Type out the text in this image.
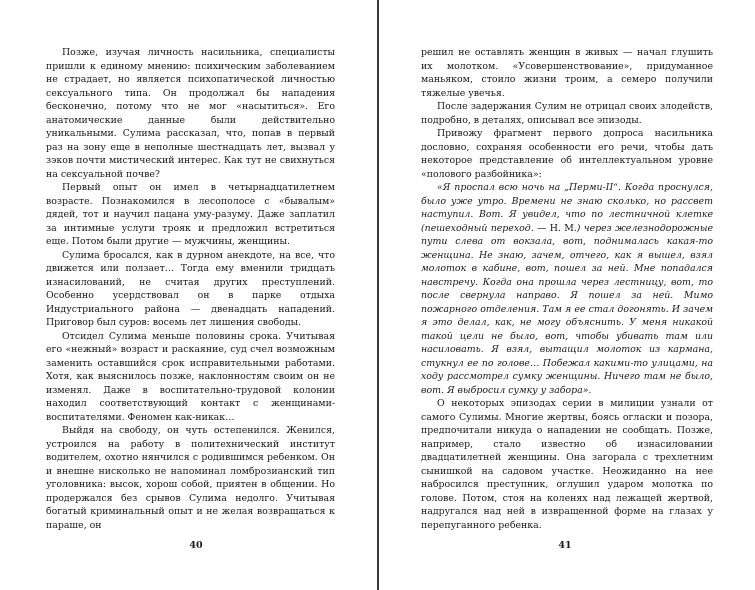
Позже, изучая личность насильника, специалисты пришли к единому мнению: психическим заболеванием не страдает, но является психопатической личностью сексуального типа. Он продолжал бы нападения бесконечно, потому что не мог «насытиться». Его анатомические данные были действительно уникальными. Сулима рассказал, что, попав в первый раз на зону еще в неполные шестнадцать лет, вызвал у зэков почти мистический интерес. Как тут не свихнуться на сексуальной почве?

Первый опыт он имел в четырнадцатилетнем возрасте. Познакомился в лесополосе с «бывалым» дядей, тот и научил пацана уму-разуму. Даже заплатил за интимные услуги трояк и предложил встретиться еще. Потом были другие — мужчины, женщины.

Сулима бросался, как в дурном анекдоте, на все, что движется или ползает… Тогда ему вменили тридцать изнасилований, не считая других преступлений. Особенно усердствовал он в парке отдыха Индустриального района — двенадцать нападений. Приговор был суров: восемь лет лишения свободы.

Отсидел Сулима меньше половины срока. Учитывая его «нежный» возраст и раскаяние, суд счел возможным заменить оставшийся срок исправительными работами. Хотя, как выяснилось позже, наклонностям своим он не изменял. Даже в воспитательно-трудовой колонии находил соответствующий контакт с женщинами-воспитателями. Феномен как-никак…

Выйдя на свободу, он чуть остепенился. Женился, устроился на работу в политехнический институт водителем, охотно нянчился с родившимся ребенком. Он и внешне нисколько не напоминал ломброзианский тип уголовника: высок, хорош собой, приятен в общении. Но продержался без срывов Сулима недолго. Учитывая богатый криминальный опыт и не желая возвращаться к параше, он

40

решил не оставлять женщин в живых — начал глушить их молотком. «Усовершенствование», придуманное маньяком, стоило жизни троим, а семеро получили тяжелые увечья.

После задержания Сулим не отрицал своих злодейств, подробно, в деталях, описывал все эпизоды.

Привожу фрагмент первого допроса насильника дословно, сохраняя особенности его речи, чтобы дать некоторое представление об интеллектуальном уровне «полового разбойника»:

«Я проспал всю ночь на „Перми-II“. Когда проснулся, было уже утро. Времени не знаю сколько, но рассвет наступил. Вот. Я увидел, что по лестничной клетке (пешеходный переход. — Н. М.) через железнодорожные пути слева от вокзала, вот, поднималась какая-то женщина. Не знаю, зачем, отчего, как я вышел, взял молоток в кабине, вот, пошел за ней. Мне попадался навстречу. Когда она прошла через лестницу, вот, то после свернула направо. Я пошел за ней. Мимо пожарного отделения. Там я ее стал догонять. И зачем я это делал, как, не могу объяснить. У меня никакой такой цели не было, вот, чтобы убивать там или насиловать. Я взял, вытащил молоток из кармана, стукнул ее по голове… Побежал какими-то улицами, на ходу рассмотрел сумку женщины. Ничего там не было, вот. Я выбросил сумку у забора».

О некоторых эпизодах серии в милиции узнали от самого Сулимы. Многие жертвы, боясь огласки и позора, предпочитали никуда о нападении не сообщать. Позже, например, стало известно об изнасиловании двадцатилетней женщины. Она загорала с трехлетним сынишкой на садовом участке. Неожиданно на нее набросился преступник, оглушил ударом молотка по голове. Потом, стоя на коленях над лежащей жертвой, надругался над ней в извращенной форме на глазах у перепуганного ребенка.

41
